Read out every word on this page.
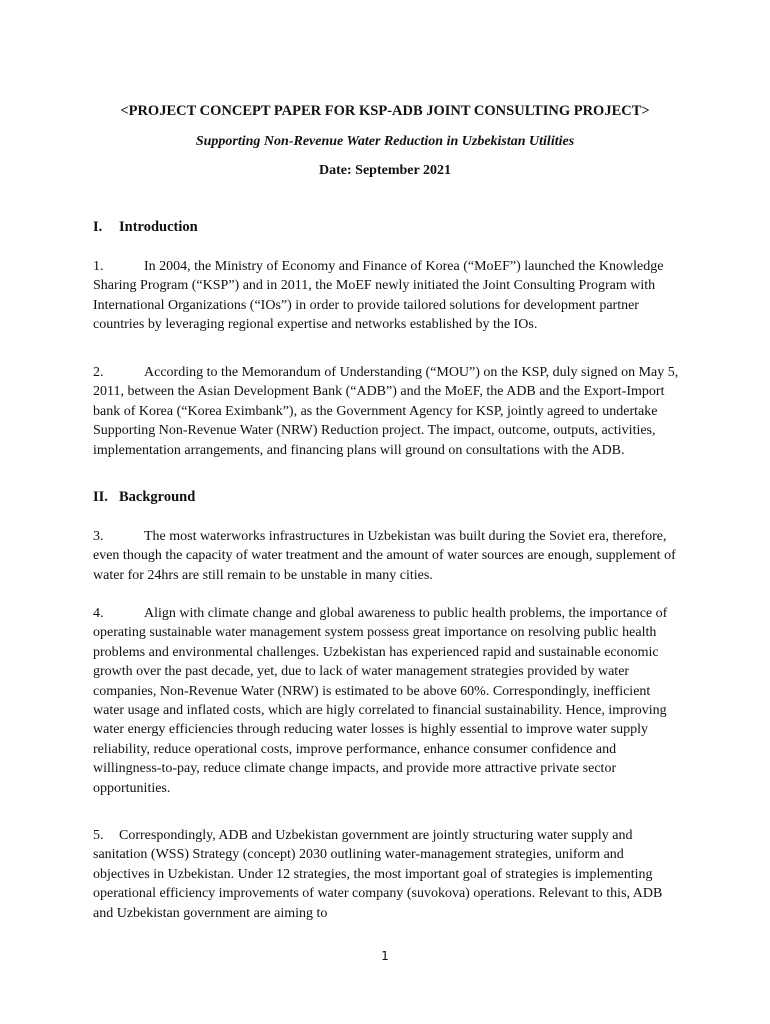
<PROJECT CONCEPT PAPER FOR KSP-ADB JOINT CONSULTING PROJECT>
Supporting Non-Revenue Water Reduction in Uzbekistan Utilities
Date: September 2021
I. Introduction

1.	In 2004, the Ministry of Economy and Finance of Korea (“MoEF”) launched the Knowledge Sharing Program (“KSP”) and in 2011, the MoEF newly initiated the Joint Consulting Program with International Organizations (“IOs”) in order to provide tailored solutions for development partner countries by leveraging regional expertise and networks established by the IOs.

2.	According to the Memorandum of Understanding (“MOU”) on the KSP, duly signed on May 5, 2011, between the Asian Development Bank (“ADB”) and the MoEF, the ADB and the Export-Import bank of Korea (“Korea Eximbank”), as the Government Agency for KSP, jointly agreed to undertake Supporting Non-Revenue Water (NRW) Reduction project. The impact, outcome, outputs, activities, implementation arrangements, and financing plans will ground on consultations with the ADB.

II. Background

3.	The most waterworks infrastructures in Uzbekistan was built during the Soviet era, therefore, even though the capacity of water treatment and the amount of water sources are enough, supplement of water for 24hrs are still remain to be unstable in many cities.

4.	Align with climate change and global awareness to public health problems, the importance of operating sustainable water management system possess great importance on resolving public health problems and environmental challenges. Uzbekistan has experienced rapid and sustainable economic growth over the past decade, yet, due to lack of water management strategies provided by water companies, Non-Revenue Water (NRW) is estimated to be above 60%. Correspondingly, inefficient water usage and inflated costs, which are higly correlated to financial sustainability. Hence, improving water energy efficiencies through reducing water losses is highly essential to improve water supply reliability, reduce operational costs, improve performance, enhance consumer confidence and willingness-to-pay, reduce climate change impacts, and provide more attractive private sector opportunities.

5. Correspondingly, ADB and Uzbekistan government are jointly structuring water supply and sanitation (WSS) Strategy (concept) 2030 outlining water-management strategies, uniform and objectives in Uzbekistan. Under 12 strategies, the most important goal of strategies is implementing operational efficiency improvements of water company (suvokova) operations. Relevant to this, ADB and Uzbekistan government are aiming to

1
